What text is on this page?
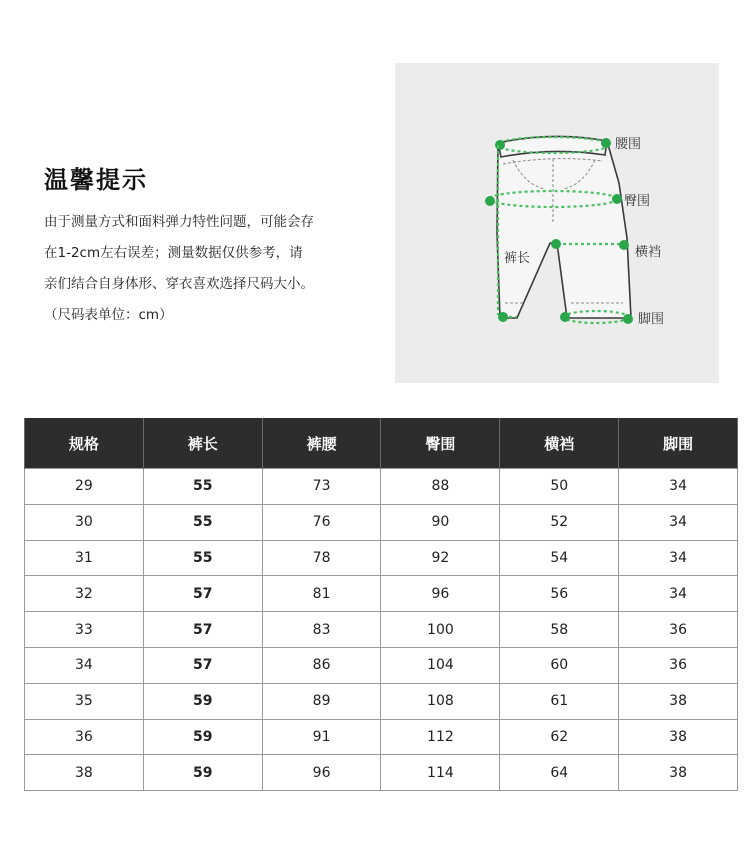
温馨提示
由于测量方式和面料弹力特性问题，可能会存
在1-2cm左右误差；测量数据仅供参考，请
亲们结合自身体形、穿衣喜欢选择尺码大小。
（尺码表单位：cm）
腰围
臀围
横裆
脚围
裤长
规格	裤长	裤腰	臀围	横裆	脚围
29	55	73	88	50	34
30	55	76	90	52	34
31	55	78	92	54	34
32	57	81	96	56	34
33	57	83	100	58	36
34	57	86	104	60	36
35	59	89	108	61	38
36	59	91	112	62	38
38	59	96	114	64	38
